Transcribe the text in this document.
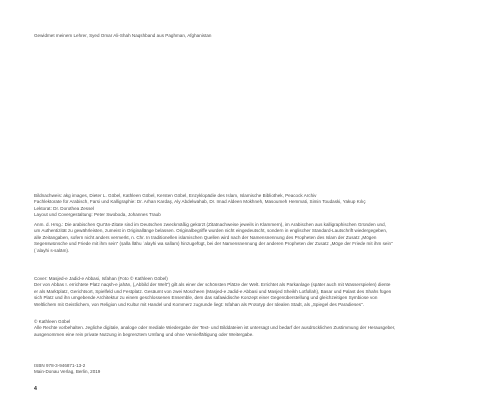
Gewidmet meinem Lehrer, Syed Omar Ali-Shah Naqshband aus Paghman, Afghanistan

Bildnachweis: akg images, Dieter L. Göbel, Kathleen Göbel, Kersten Göbel, Enzyklopädie des Islam, Islamische Bibliothek, Peacock Archiv

Fachlektorate für Arabisch, Farsi und Kalligraphie: Dr. Arhan Kardaş, Aly Abdelwahab, Dr. Imad Aldeen Mokhneh, Masoumeh Hemmati, Simin Toudaski, Yakup Kılıç

Lektorat: Dr. Dorothea Zessel

Layout und Covergestaltung: Peter Swoboda, Johannes Traub

Anm. d. Hrsg.: Die arabischen Qur'ān-Zitate sind im Deutschen zweckmäßig gekürzt (Zitatnachweise jeweils in Klammern), im Arabischen aus kalligraphischen Gründen und,

um Authentizität zu gewährleisten, zumeist in Originallänge belassen. Originalbegriffe wurden nicht eingedeutscht, sondern in englischer Standard-Lautschrift wiedergegeben,

alle Zeitangaben, sofern nicht anders vermerkt, n. Chr. In traditionellen islamischen Quellen wird nach der Namensnennung des Propheten des Islam der Zusatz „Mögen

Segenswünsche und Friede mit ihm sein" (ṣalla llāhu ʿalayhi wa sallam) hinzugefügt, bei der Namensnennung der anderen Propheten der Zusatz „Möge der Friede mit ihm sein"

(ʿalayhi s-salām).

Cover: Masjed-e Jadid-e Abbasi, Isfahan (Foto © Kathleen Göbel)

Der von Abbas I. errichtete Platz naqsh-e jahān, („Abbild der Welt") gilt als einer der schönsten Plätze der Welt. Errichtet als Parkanlage (später auch mit Wasserspielen) diente

er als Marktplatz, Gerichtsort, Spielfeld und Festplatz. Gesäumt von zwei Moscheen (Masjed-e Jadid-e Abbasi und Masjed Sheikh Lotfollah), Basar und Palast des Shahs fügen

sich Platz und ihn umgebende Architektur zu einem geschlossenen Ensemble, dem das safawidische Konzept einer Gegenüberstellung und gleichzeitigen Symbiose von

Weltlichem mit Geistlichem, von Religion und Kultur mit Handel und Kommerz zugrunde liegt: Isfahan als Prototyp der Idealen Stadt, als „Spiegel des Paradieses".

© Kathleen Göbel

Alle Rechte vorbehalten. Jegliche digitale, analoge oder mediale Wiedergabe der Text- und Bilddateien ist untersagt und bedarf der ausdrücklichen Zustimmung der Herausgeber,

ausgenommen eine rein private Nutzung in begrenztem Umfang und ohne Vervielfältigung oder Weitergabe.

ISBN 978-3-946871-13-2

Main-Donau Verlag, Berlin, 2019

4
